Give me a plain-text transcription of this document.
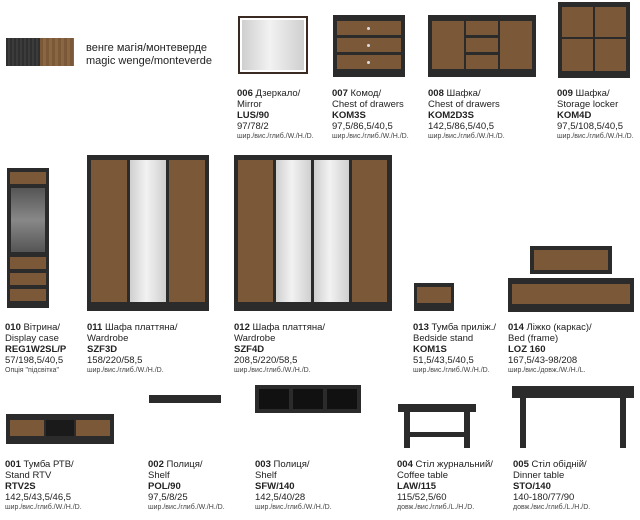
венге магія/монтеверде
magic wenge/monteverde
006 Дзеркало/
Mirror
LUS/90
97/78/2
шир./вис./глиб./W./H./D.
007 Комод/
Chest of drawers
KOM3S
97,5/86,5/40,5
шир./вис./глиб./W./H./D.
008 Шафка/
Chest of drawers
KOM2D3S
142,5/86,5/40,5
шир./вис./глиб./W./H./D.
009 Шафка/
Storage locker
KOM4D
97,5/108,5/40,5
шир./вис./глиб./W./H./D.
010 Вітрина/
Display case
REG1W2SL/P
57/198,5/40,5
Опція "підсвітка"
011 Шафа платтяна/
Wardrobe
SZF3D
158/220/58,5
шир./вис./глиб./W./H./D.
012 Шафа платтяна/
Wardrobe
SZF4D
208,5/220/58,5
шир./вис./глиб./W./H./D.
013 Тумба приліж./
Bedside stand
KOM1S
51,5/43,5/40,5
шир./вис./глиб./W./H./D.
014 Ліжко (каркас)/
Bed (frame)
LOZ 160
167,5/43-98/208
шир./вис./довж./W./H./L.
001 Тумба РТВ/
Stand RTV
RTV2S
142,5/43,5/46,5
шир./вис./глиб./W./H./D.
002 Полиця/
Shelf
POL/90
97,5/8/25
шир./вис./глиб./W./H./D.
003 Полиця/
Shelf
SFW/140
142,5/40/28
шир./вис./глиб./W./H./D.
004 Стіл журнальний/
Coffee table
LAW/115
115/52,5/60
довж./вис./глиб./L./H./D.
005 Стіл обідній/
Dinner table
STO/140
140-180/77/90
довж./вис./глиб./L./H./D.
